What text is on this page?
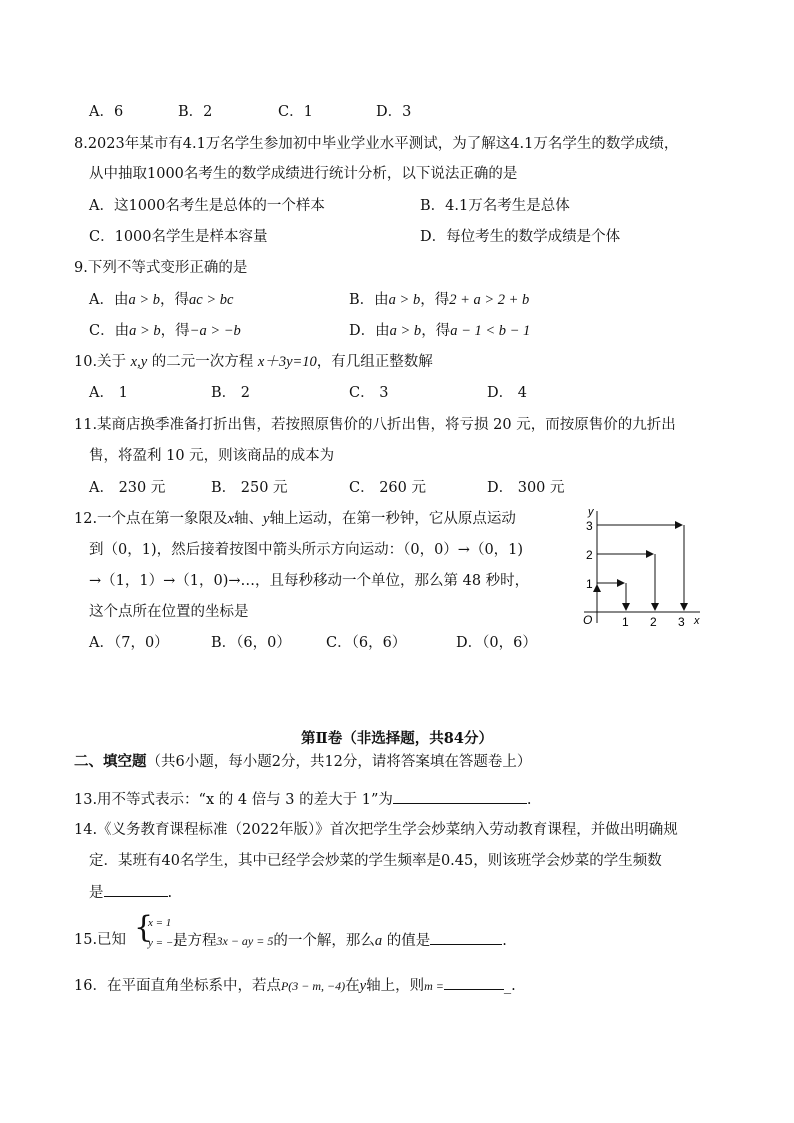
A．6	B．2	C．1	D．3
8.2023年某市有4.1万名学生参加初中毕业学业水平测试，为了解这4.1万名学生的数学成绩，
从中抽取1000名考生的数学成绩进行统计分析，以下说法正确的是
A．这1000名考生是总体的一个样本	B．4.1万名考生是总体
C．1000名学生是样本容量	D．每位考生的数学成绩是个体
9.下列不等式变形正确的是
A．由a > b，得ac > bc	B．由a > b，得2 + a > 2 + b
C．由a > b，得−a > −b	D．由a > b，得a − 1 < b − 1
10.关于 x,y 的二元一次方程 x＋3y=10，有几组正整数解
A． 1	B． 2	C． 3	D． 4
11.某商店换季准备打折出售，若按照原售价的八折出售，将亏损 20 元，而按原售价的九折出
售，将盈利 10 元，则该商品的成本为
A． 230 元	B． 250 元	C． 260 元	D． 300 元
12.一个点在第一象限及x轴、y轴上运动，在第一秒钟，它从原点运动
到（0，1)，然后接着按图中箭头所示方向运动：（0，0）→（0，1)
→（1，1）→（1，0)→…，且每秒移动一个单位，那么第 48 秒时，
这个点所在位置的坐标是
A．（7，0）	B．（6，0） C．（6，6）	D．（0，6）
y
x
O 1 2 3
1
2
3
第Ⅱ卷（非选择题，共84分）
二、填空题（共6小题，每小题2分，共12分，请将答案填在答题卷上）
13.用不等式表示：“x 的 4 倍与 3 的差大于 1”为	.
14.《义务教育课程标准（2022年版）》首次把学生学会炒菜纳入劳动教育课程，并做出明确规
定．某班有40名学生，其中已经学会炒菜的学生频率是0.45，则该班学会炒菜的学生频数
是	.
15.已知 {
x = 1
y = −1
是方程3x − ay = 5的一个解，那么a 的值是	.
16．在平面直角坐标系中，若点P(3 − m, −4)在y轴上，则m =	_.
